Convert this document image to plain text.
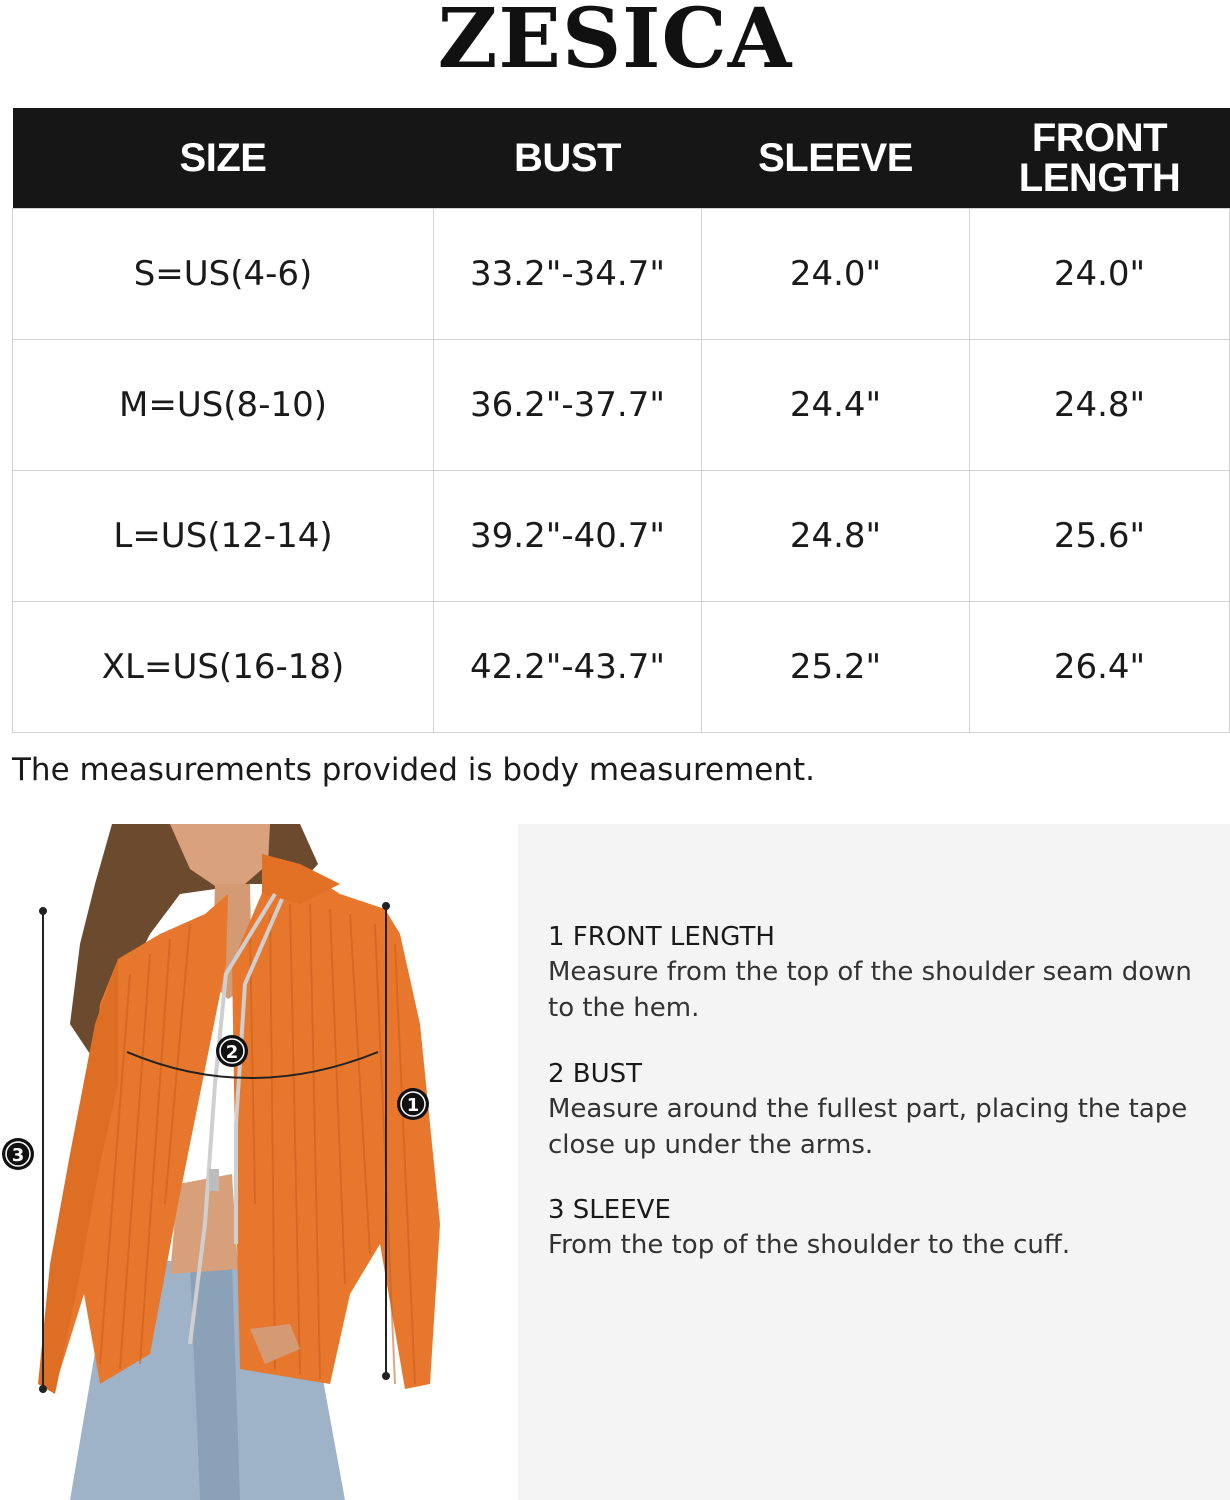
ZESICA
SIZE	BUST	SLEEVE	FRONT
LENGTH

S=US(4-6)	33.2"-34.7"	24.0"	24.0"
M=US(8-10)	36.2"-37.7"	24.4"	24.8"
L=US(12-14)	39.2"-40.7"	24.8"	25.6"
XL=US(16-18)	42.2"-43.7"	25.2"	26.4"
The measurements provided is body measurement.
1
2
3
1 FRONT LENGTH
Measure from the top of the shoulder seam down to the hem.
2 BUST
Measure around the fullest part, placing the tape close up under the arms.
3 SLEEVE
From the top of the shoulder to the cuff.
